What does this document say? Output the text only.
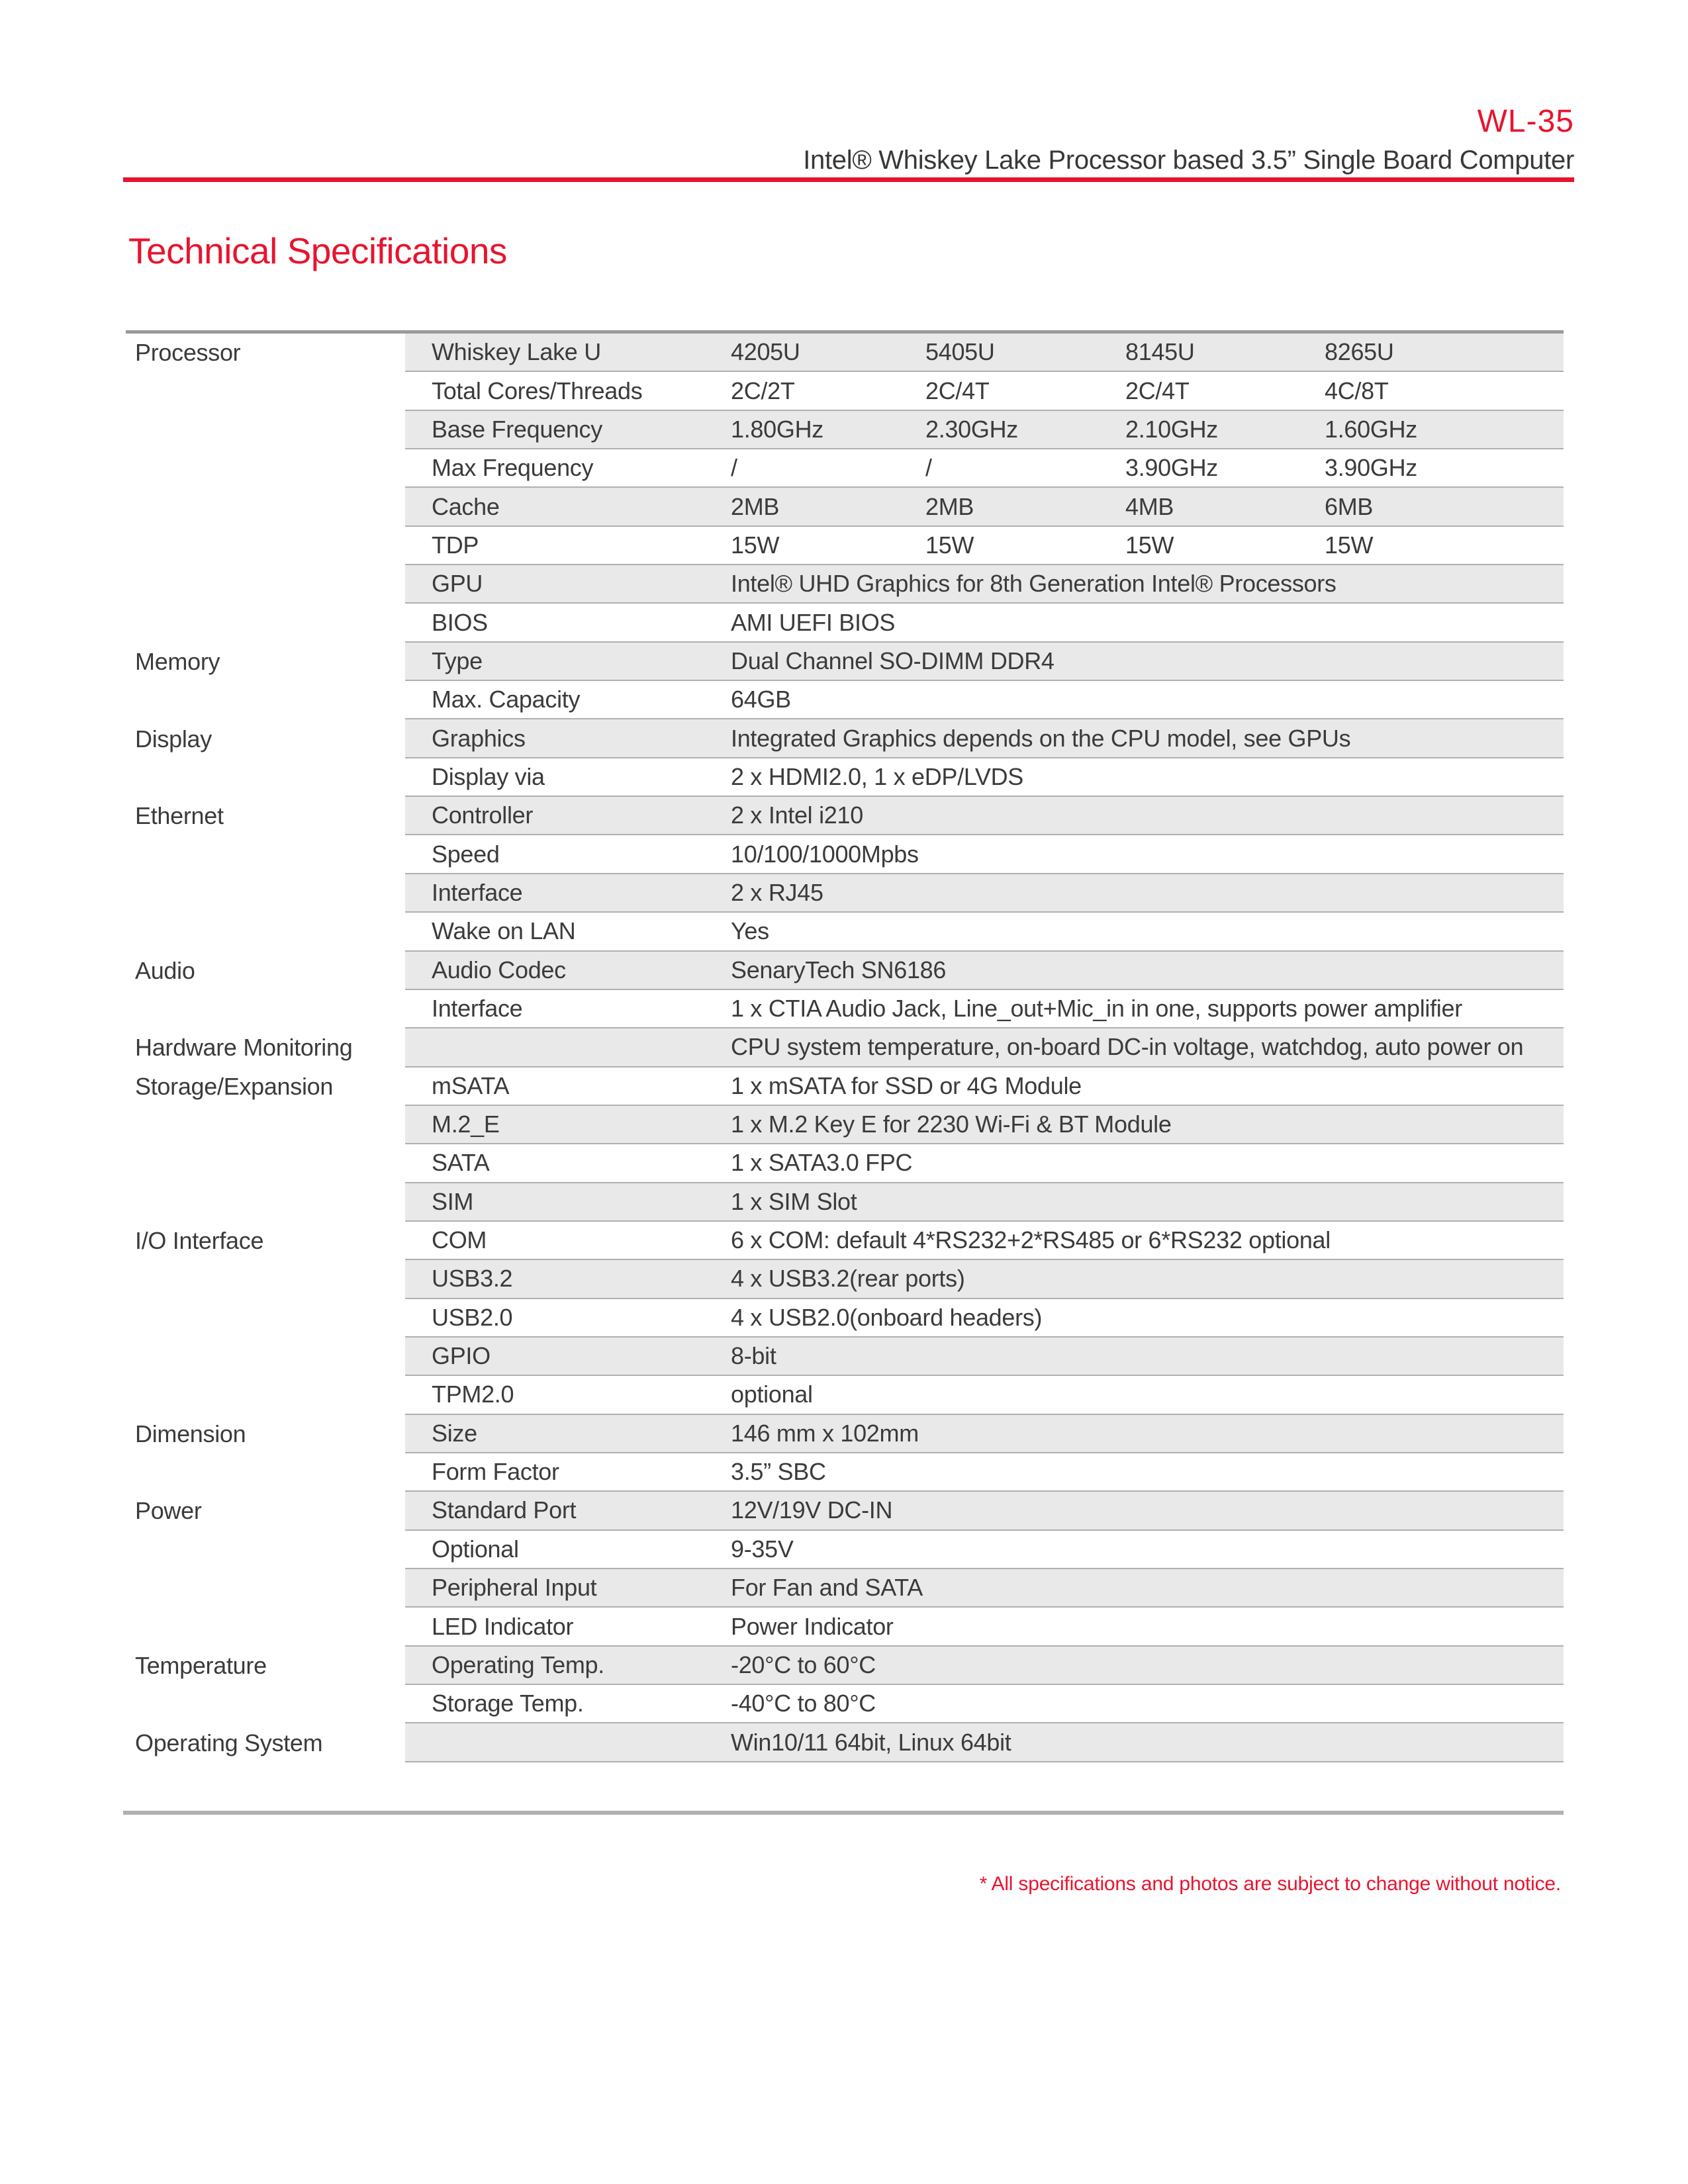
WL-35
Intel® Whiskey Lake Processor based 3.5” Single Board Computer
Technical Specifications
Processor	Whiskey Lake U	4205U	5405U	8145U	8265U
Total Cores/Threads	2C/2T	2C/4T	2C/4T	4C/8T
Base Frequency	1.80GHz	2.30GHz	2.10GHz	1.60GHz
Max Frequency	/	/	3.90GHz	3.90GHz
Cache	2MB	2MB	4MB	6MB
TDP	15W	15W	15W	15W
GPU	Intel® UHD Graphics for 8th Generation Intel® Processors
BIOS	AMI UEFI BIOS
Memory	Type	Dual Channel SO-DIMM DDR4
Max. Capacity	64GB
Display	Graphics	Integrated Graphics depends on the CPU model, see GPUs
Display via	2 x HDMI2.0, 1 x eDP/LVDS
Ethernet	Controller	2 x Intel i210
Speed	10/100/1000Mpbs
Interface	2 x RJ45
Wake on LAN	Yes
Audio	Audio Codec	SenaryTech SN6186
Interface	1 x CTIA Audio Jack, Line_out+Mic_in in one, supports power amplifier
Hardware Monitoring	CPU system temperature, on-board DC-in voltage, watchdog, auto power on
Storage/Expansion	mSATA	1 x mSATA for SSD or 4G Module
M.2_E	1 x M.2 Key E for 2230 Wi-Fi & BT Module
SATA	1 x SATA3.0 FPC
SIM	1 x SIM Slot
I/O Interface	COM	6 x COM: default 4*RS232+2*RS485 or 6*RS232 optional
USB3.2	4 x USB3.2(rear ports)
USB2.0	4 x USB2.0(onboard headers)
GPIO	8-bit
TPM2.0	optional
Dimension	Size	146 mm x 102mm
Form Factor	3.5” SBC
Power	Standard Port	12V/19V DC-IN
Optional	9-35V
Peripheral Input	For Fan and SATA
LED Indicator	Power Indicator
Temperature	Operating Temp.	-20°C to 60°C
Storage Temp.	-40°C to 80°C
Operating System	Win10/11 64bit, Linux 64bit
* All specifications and photos are subject to change without notice.
